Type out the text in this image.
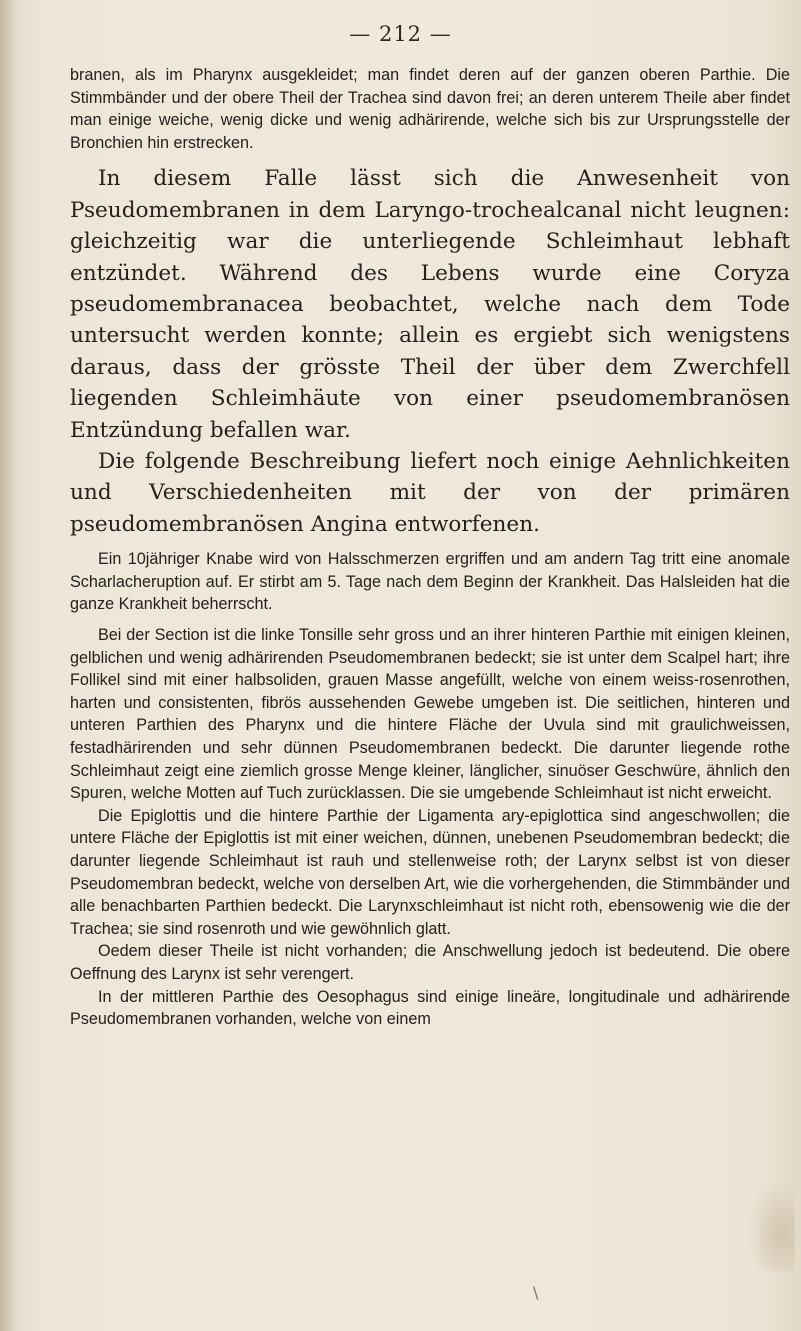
— 212 —

branen, als im Pharynx ausgekleidet; man findet deren auf der ganzen oberen Parthie. Die Stimmbänder und der obere Theil der Trachea sind davon frei; an deren unterem Theile aber findet man einige weiche, wenig dicke und wenig adhärirende, welche sich bis zur Ursprungsstelle der Bronchien hin erstrecken.

In diesem Falle lässt sich die Anwesenheit von Pseudomembranen in dem Laryngo-trochealcanal nicht leugnen: gleichzeitig war die unterliegende Schleimhaut lebhaft entzündet. Während des Lebens wurde eine Coryza pseudomembranacea beobachtet, welche nach dem Tode untersucht werden konnte; allein es ergiebt sich wenigstens daraus, dass der grösste Theil der über dem Zwerchfell liegenden Schleimhäute von einer pseudomembranösen Entzündung befallen war.

Die folgende Beschreibung liefert noch einige Aehnlichkeiten und Verschiedenheiten mit der von der primären pseudomembranösen Angina entworfenen.

Ein 10jähriger Knabe wird von Halsschmerzen ergriffen und am andern Tag tritt eine anomale Scharlacheruption auf. Er stirbt am 5. Tage nach dem Beginn der Krankheit. Das Halsleiden hat die ganze Krankheit beherrscht.

Bei der Section ist die linke Tonsille sehr gross und an ihrer hinteren Parthie mit einigen kleinen, gelblichen und wenig adhärirenden Pseudomembranen bedeckt; sie ist unter dem Scalpel hart; ihre Follikel sind mit einer halbsoliden, grauen Masse angefüllt, welche von einem weiss-rosenrothen, harten und consistenten, fibrös aussehenden Gewebe umgeben ist. Die seitlichen, hinteren und unteren Parthien des Pharynx und die hintere Fläche der Uvula sind mit graulichweissen, festadhärirenden und sehr dünnen Pseudomembranen bedeckt. Die darunter liegende rothe Schleimhaut zeigt eine ziemlich grosse Menge kleiner, länglicher, sinuöser Geschwüre, ähnlich den Spuren, welche Motten auf Tuch zurücklassen. Die sie umgebende Schleimhaut ist nicht erweicht.

Die Epiglottis und die hintere Parthie der Ligamenta ary-epiglottica sind angeschwollen; die untere Fläche der Epiglottis ist mit einer weichen, dünnen, unebenen Pseudomembran bedeckt; die darunter liegende Schleimhaut ist rauh und stellenweise roth; der Larynx selbst ist von dieser Pseudomembran bedeckt, welche von derselben Art, wie die vorhergehenden, die Stimmbänder und alle benachbarten Parthien bedeckt. Die Larynxschleimhaut ist nicht roth, ebensowenig wie die der Trachea; sie sind rosenroth und wie gewöhnlich glatt.

Oedem dieser Theile ist nicht vorhanden; die Anschwellung jedoch ist bedeutend. Die obere Oeffnung des Larynx ist sehr verengert.

In der mittleren Parthie des Oesophagus sind einige lineäre, longitudinale und adhärirende Pseudomembranen vorhanden, welche von einem

\
